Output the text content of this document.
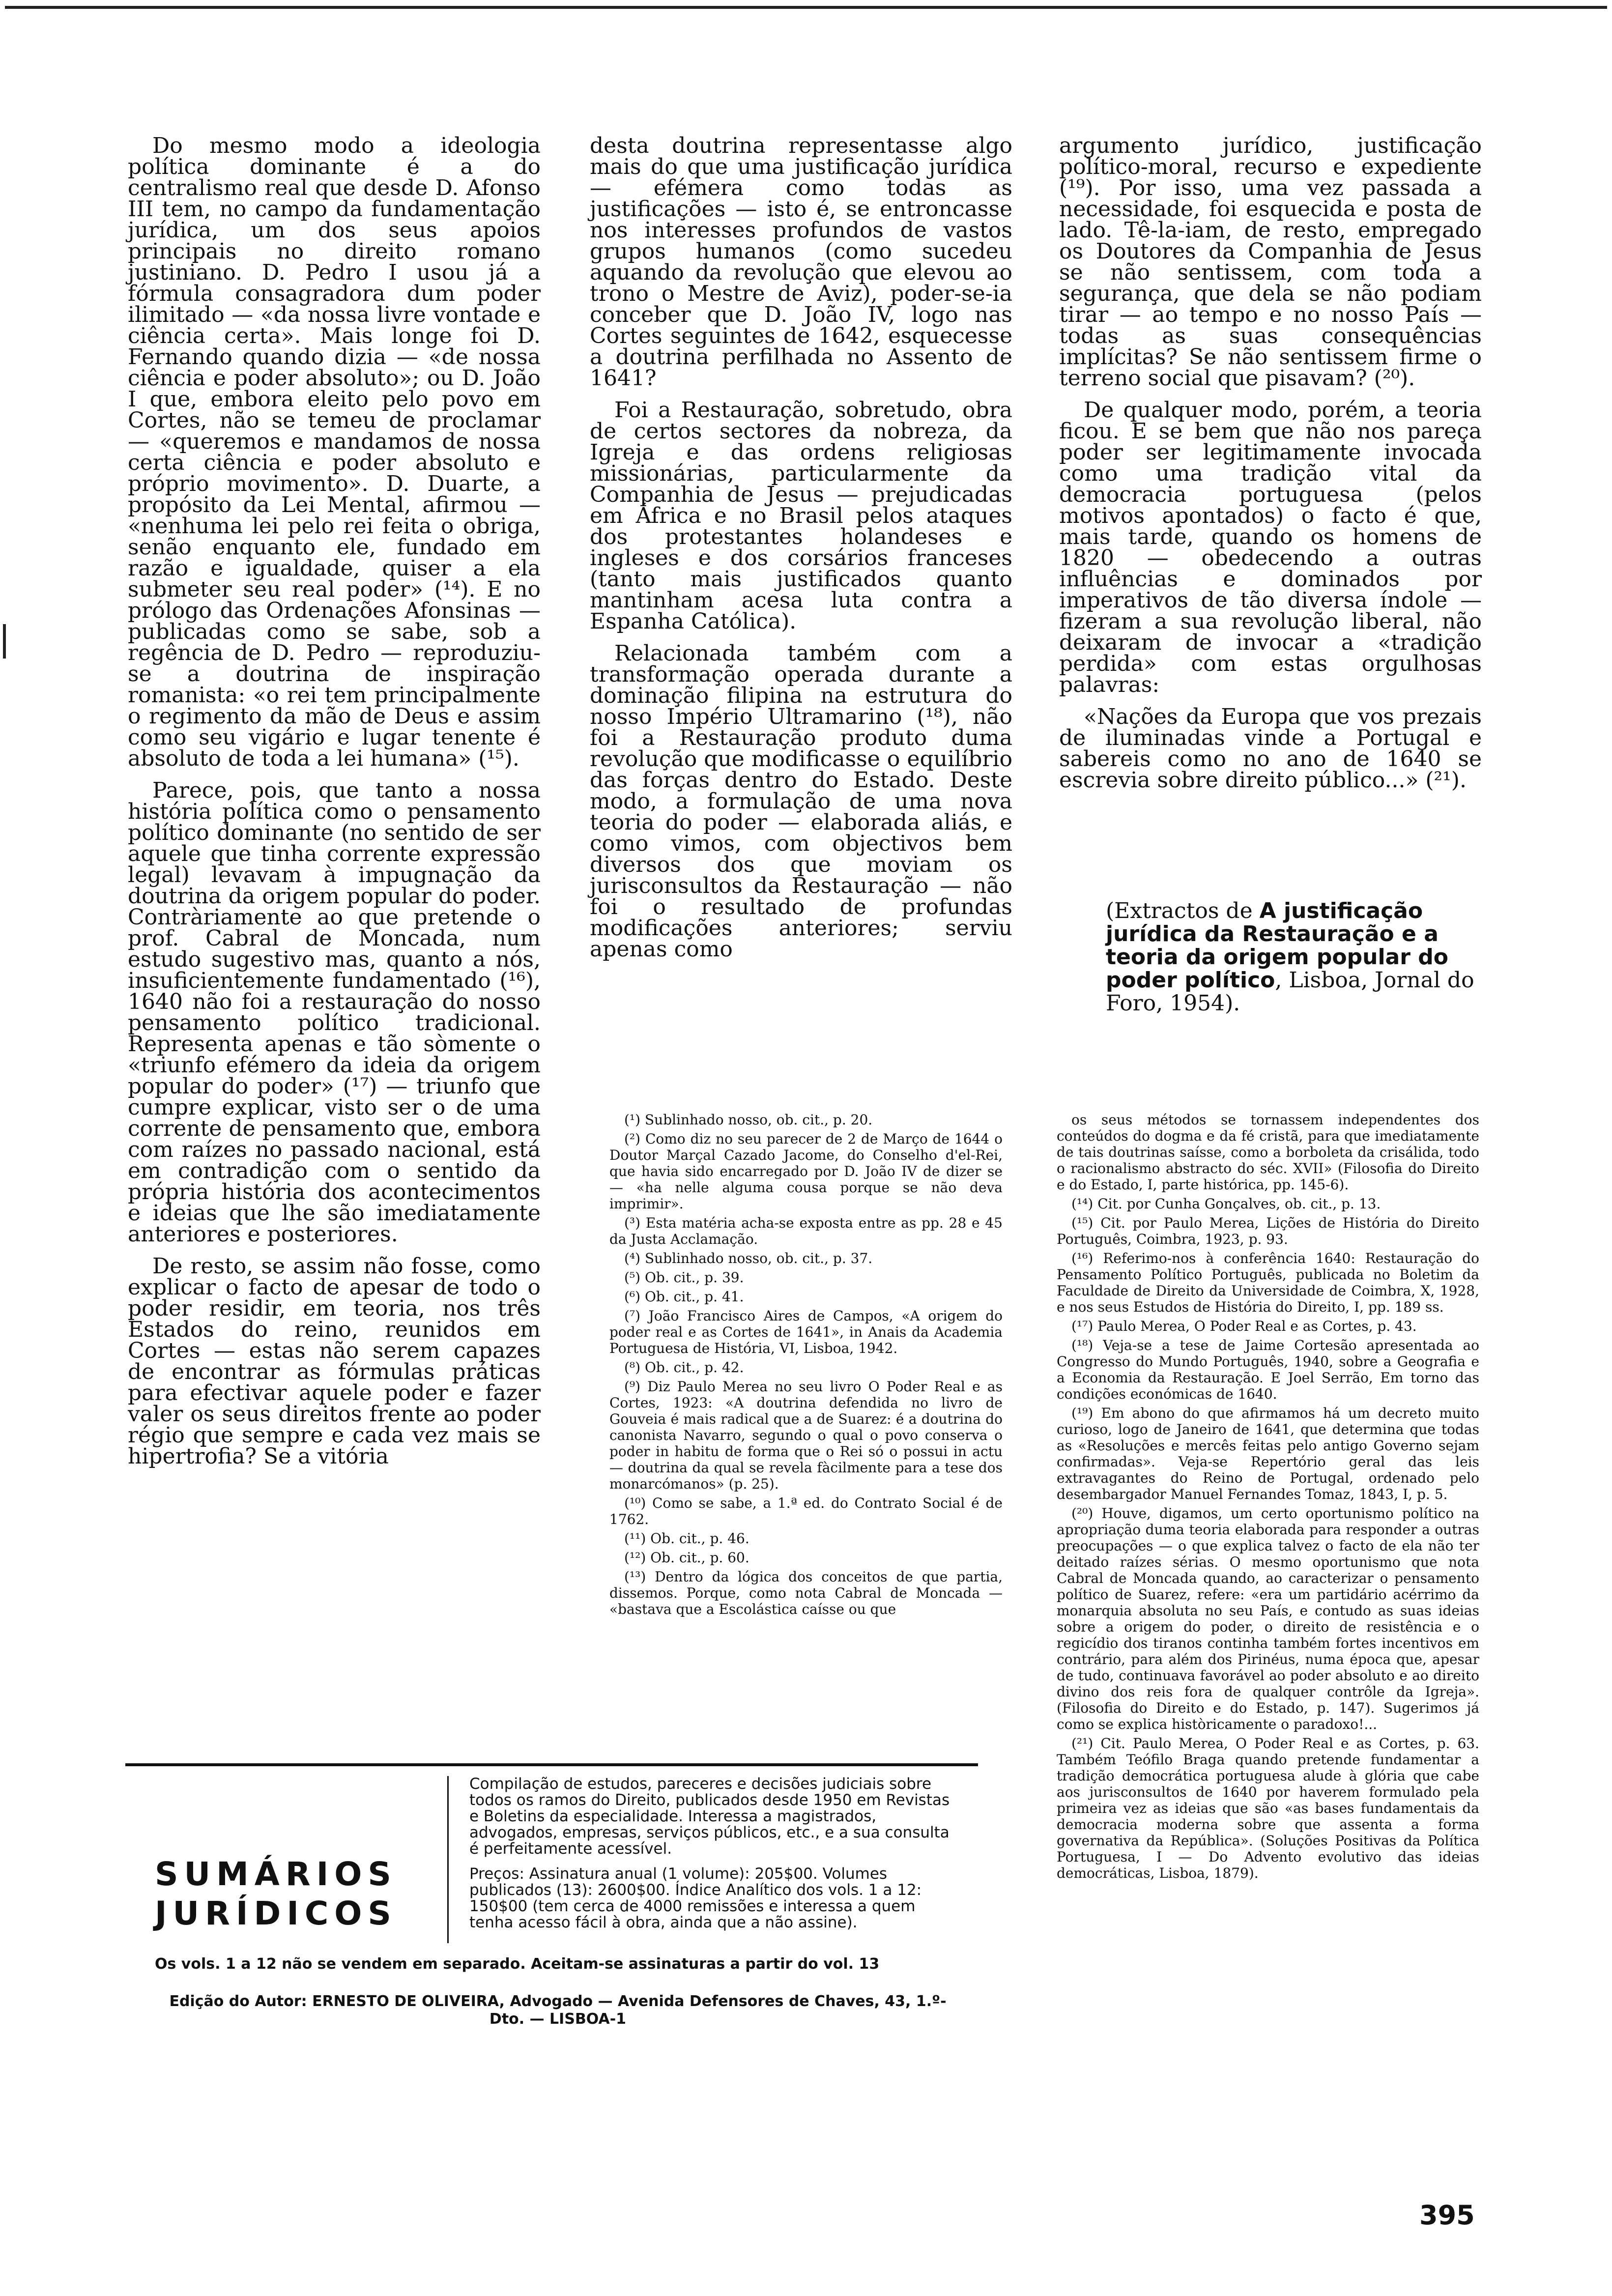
Do mesmo modo a ideologia política dominante é a do centralismo real que desde D. Afonso III tem, no campo da fundamentação jurídica, um dos seus apoios principais no direito romano justiniano. D. Pedro I usou já a fórmula consagradora dum poder ilimitado — «da nossa livre vontade e ciência certa». Mais longe foi D. Fernando quando dizia — «de nossa ciência e poder absoluto»; ou D. João I que, embora eleito pelo povo em Cortes, não se temeu de proclamar — «queremos e mandamos de nossa certa ciência e poder absoluto e próprio movimento». D. Duarte, a propósito da Lei Mental, afirmou — «nenhuma lei pelo rei feita o obriga, senão enquanto ele, fundado em razão e igualdade, quiser a ela submeter seu real poder» (¹⁴). E no prólogo das Ordenações Afonsinas — publicadas como se sabe, sob a regência de D. Pedro — reproduziu-se a doutrina de inspiração romanista: «o rei tem principalmente o regimento da mão de Deus e assim como seu vigário e lugar tenente é absoluto de toda a lei humana» (¹⁵).

Parece, pois, que tanto a nossa história política como o pensamento político dominante (no sentido de ser aquele que tinha corrente expressão legal) levavam à impugnação da doutrina da origem popular do poder. Contràriamente ao que pretende o prof. Cabral de Moncada, num estudo sugestivo mas, quanto a nós, insuficientemente fundamentado (¹⁶), 1640 não foi a restauração do nosso pensamento político tradicional. Representa apenas e tão sòmente o «triunfo efémero da ideia da origem popular do poder» (¹⁷) — triunfo que cumpre explicar, visto ser o de uma corrente de pensamento que, embora com raízes no passado nacional, está em contradição com o sentido da própria história dos acontecimentos e ideias que lhe são imediatamente anteriores e posteriores.

De resto, se assim não fosse, como explicar o facto de apesar de todo o poder residir, em teoria, nos três Estados do reino, reunidos em Cortes — estas não serem capazes de encontrar as fórmulas práticas para efectivar aquele poder e fazer valer os seus direitos frente ao poder régio que sempre e cada vez mais se hipertrofia? Se a vitória

desta doutrina representasse algo mais do que uma justificação jurídica — efémera como todas as justificações — isto é, se entroncasse nos interesses profundos de vastos grupos humanos (como sucedeu aquando da revolução que elevou ao trono o Mestre de Aviz), poder-se-ia conceber que D. João IV, logo nas Cortes seguintes de 1642, esquecesse a doutrina perfilhada no Assento de 1641?

Foi a Restauração, sobretudo, obra de certos sectores da nobreza, da Igreja e das ordens religiosas missionárias, particularmente da Companhia de Jesus — prejudicadas em África e no Brasil pelos ataques dos protestantes holandeses e ingleses e dos corsários franceses (tanto mais justificados quanto mantinham acesa luta contra a Espanha Católica).

Relacionada também com a transformação operada durante a dominação filipina na estrutura do nosso Império Ultramarino (¹⁸), não foi a Restauração produto duma revolução que modificasse o equilíbrio das forças dentro do Estado. Deste modo, a formulação de uma nova teoria do poder — elaborada aliás, e como vimos, com objectivos bem diversos dos que moviam os jurisconsultos da Restauração — não foi o resultado de profundas modificações anteriores; serviu apenas como

argumento jurídico, justificação político-moral, recurso e expediente (¹⁹). Por isso, uma vez passada a necessidade, foi esquecida e posta de lado. Tê-la-iam, de resto, empregado os Doutores da Companhia de Jesus se não sentissem, com toda a segurança, que dela se não podiam tirar — ao tempo e no nosso País — todas as suas consequências implícitas? Se não sentissem firme o terreno social que pisavam? (²⁰).

De qualquer modo, porém, a teoria ficou. E se bem que não nos pareça poder ser legitimamente invocada como uma tradição vital da democracia portuguesa (pelos motivos apontados) o facto é que, mais tarde, quando os homens de 1820 — obedecendo a outras influências e dominados por imperativos de tão diversa índole — fizeram a sua revolução liberal, não deixaram de invocar a «tradição perdida» com estas orgulhosas palavras:

«Nações da Europa que vos prezais de iluminadas vinde a Portugal e sabereis como no ano de 1640 se escrevia sobre direito público...» (²¹).

(Extractos de A justificação jurídica da Restauração e a teoria da origem popular do poder político, Lisboa, Jornal do Foro, 1954).

(¹) Sublinhado nosso, ob. cit., p. 20.

(²) Como diz no seu parecer de 2 de Março de 1644 o Doutor Marçal Cazado Jacome, do Conselho d'el-Rei, que havia sido encarregado por D. João IV de dizer se — «ha nelle alguma cousa porque se não deva imprimir».

(³) Esta matéria acha-se exposta entre as pp. 28 e 45 da Justa Acclamação.

(⁴) Sublinhado nosso, ob. cit., p. 37.

(⁵) Ob. cit., p. 39.

(⁶) Ob. cit., p. 41.

(⁷) João Francisco Aires de Campos, «A origem do poder real e as Cortes de 1641», in Anais da Academia Portuguesa de História, VI, Lisboa, 1942.

(⁸) Ob. cit., p. 42.

(⁹) Diz Paulo Merea no seu livro O Poder Real e as Cortes, 1923: «A doutrina defendida no livro de Gouveia é mais radical que a de Suarez: é a doutrina do canonista Navarro, segundo o qual o povo conserva o poder in habitu de forma que o Rei só o possui in actu — doutrina da qual se revela fàcilmente para a tese dos monarcómanos» (p. 25).

(¹⁰) Como se sabe, a 1.ª ed. do Contrato Social é de 1762.

(¹¹) Ob. cit., p. 46.

(¹²) Ob. cit., p. 60.

(¹³) Dentro da lógica dos conceitos de que partia, dissemos. Porque, como nota Cabral de Moncada — «bastava que a Escolástica caísse ou que

os seus métodos se tornassem independentes dos conteúdos do dogma e da fé cristã, para que imediatamente de tais doutrinas saísse, como a borboleta da crisálida, todo o racionalismo abstracto do séc. XVII» (Filosofia do Direito e do Estado, I, parte histórica, pp. 145-6).

(¹⁴) Cit. por Cunha Gonçalves, ob. cit., p. 13.

(¹⁵) Cit. por Paulo Merea, Lições de História do Direito Português, Coimbra, 1923, p. 93.

(¹⁶) Referimo-nos à conferência 1640: Restauração do Pensamento Político Português, publicada no Boletim da Faculdade de Direito da Universidade de Coimbra, X, 1928, e nos seus Estudos de História do Direito, I, pp. 189 ss.

(¹⁷) Paulo Merea, O Poder Real e as Cortes, p. 43.

(¹⁸) Veja-se a tese de Jaime Cortesão apresentada ao Congresso do Mundo Português, 1940, sobre a Geografia e a Economia da Restauração. E Joel Serrão, Em torno das condições económicas de 1640.

(¹⁹) Em abono do que afirmamos há um decreto muito curioso, logo de Janeiro de 1641, que determina que todas as «Resoluções e mercês feitas pelo antigo Governo sejam confirmadas». Veja-se Repertório geral das leis extravagantes do Reino de Portugal, ordenado pelo desembargador Manuel Fernandes Tomaz, 1843, I, p. 5.

(²⁰) Houve, digamos, um certo oportunismo político na apropriação duma teoria elaborada para responder a outras preocupações — o que explica talvez o facto de ela não ter deitado raízes sérias. O mesmo oportunismo que nota Cabral de Moncada quando, ao caracterizar o pensamento político de Suarez, refere: «era um partidário acérrimo da monarquia absoluta no seu País, e contudo as suas ideias sobre a origem do poder, o direito de resistência e o regicídio dos tiranos continha também fortes incentivos em contrário, para além dos Pirinéus, numa época que, apesar de tudo, continuava favorável ao poder absoluto e ao direito divino dos reis fora de qualquer contrôle da Igreja». (Filosofia do Direito e do Estado, p. 147). Sugerimos já como se explica històricamente o paradoxo!...

(²¹) Cit. Paulo Merea, O Poder Real e as Cortes, p. 63. Também Teófilo Braga quando pretende fundamentar a tradição democrática portuguesa alude à glória que cabe aos jurisconsultos de 1640 por haverem formulado pela primeira vez as ideias que são «as bases fundamentais da democracia moderna sobre que assenta a forma governativa da República». (Soluções Positivas da Política Portuguesa, I — Do Advento evolutivo das ideias democráticas, Lisboa, 1879).

SUMÁRIOS
JURÍDICOS

Compilação de estudos, pareceres e decisões judiciais sobre todos os ramos do Direito, publicados desde 1950 em Revistas e Boletins da especialidade. Interessa a magistrados, advogados, empresas, serviços públicos, etc., e a sua consulta é perfeitamente acessível.

Preços: Assinatura anual (1 volume): 205$00. Volumes publicados (13): 2600$00. Índice Analítico dos vols. 1 a 12: 150$00 (tem cerca de 4000 remissões e interessa a quem tenha acesso fácil à obra, ainda que a não assine).

Os vols. 1 a 12 não se vendem em separado. Aceitam-se assinaturas a partir do vol. 13

Edição do Autor: ERNESTO DE OLIVEIRA, Advogado — Avenida Defensores de Chaves, 43, 1.º-Dto. — LISBOA-1

395
